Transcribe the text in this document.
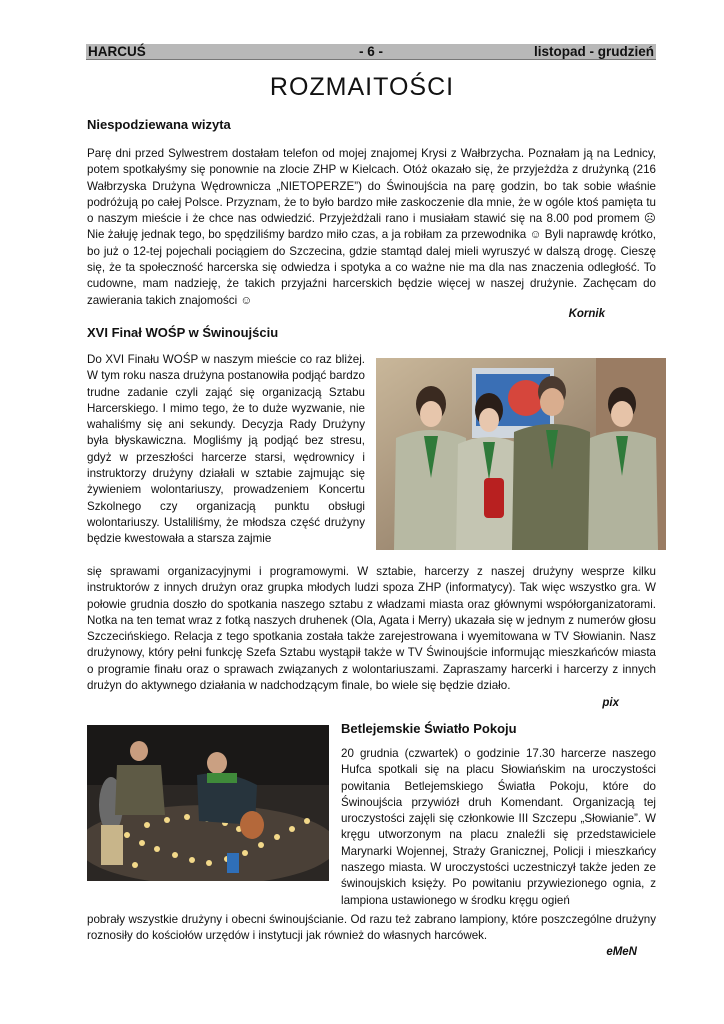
HARCUŚ	- 6 -	listopad - grudzień
ROZMAITOŚCI
Niespodziewana wizyta
Parę dni przed Sylwestrem dostałam telefon od mojej znajomej Krysi z Wałbrzycha. Poznałam ją na Lednicy, potem spotkałyśmy się ponownie na zlocie ZHP w Kielcach. Otóż okazało się, że przyjeżdża z drużynką (216 Wałbrzyska Drużyna Wędrownicza „NIETOPERZE”) do Świnoujścia na parę godzin, bo tak sobie właśnie podróżują po całej Polsce. Przyznam, że to było bardzo miłe zaskoczenie dla mnie, że w ogóle ktoś pamięta tu o naszym mieście i że chce nas odwiedzić. Przyjeżdżali rano i musiałam stawić się na 8.00 pod promem ☹ Nie żałuję jednak tego, bo spędziliśmy bardzo miło czas, a ja robiłam za przewodnika ☺ Byli naprawdę krótko, bo już o 12-tej pojechali pociągiem do Szczecina, gdzie stamtąd dalej mieli wyruszyć w dalszą drogę. Cieszę się, że ta społeczność harcerska się odwiedza i spotyka a co ważne nie ma dla nas znaczenia odległość. To cudowne, mam nadzieję, że takich przyjaźni harcerskich będzie więcej w naszej drużynie. Zachęcam do zawierania takich znajomości ☺
Kornik
XVI Finał WOŚP w Świnoujściu
Do XVI Finału WOŚP w naszym mieście co raz bliżej. W tym roku nasza drużyna postanowiła podjąć bardzo trudne zadanie czyli zająć się organizacją Sztabu Harcerskiego. I mimo tego, że to duże wyzwanie, nie wahaliśmy się ani sekundy. Decyzja Rady Drużyny była błyskawiczna. Mogliśmy ją podjąć bez stresu, gdyż w przeszłości harcerze starsi, wędrownicy i instruktorzy drużyny działali w sztabie zajmując się żywieniem wolontariuszy, prowadzeniem Koncertu Szkolnego czy organizacją punktu obsługi wolontariuszy. Ustaliliśmy, że młodsza część drużyny będzie kwestowała a starsza zajmie
się sprawami organizacyjnymi i programowymi. W sztabie, harcerzy z naszej drużyny wesprze kilku instruktorów z innych drużyn oraz grupka młodych ludzi spoza ZHP (informatycy). Tak więc wszystko gra. W połowie grudnia doszło do spotkania naszego sztabu z władzami miasta oraz głównymi współorganizatorami. Notka na ten temat wraz z fotką naszych druhenek (Ola, Agata i Merry) ukazała się w jednym z numerów głosu Szczecińskiego. Relacja z tego spotkania została także zarejestrowana i wyemitowana w TV Słowianin. Nasz drużynowy, który pełni funkcję Szefa Sztabu wystąpił także w TV Świnoujście informując mieszkańców miasta o programie finału oraz o sprawach związanych z wolontariuszami. Zapraszamy harcerki i harcerzy z innych drużyn do aktywnego działania w nadchodzącym finale, bo wiele się będzie działo.
pix
Betlejemskie Światło Pokoju
20 grudnia (czwartek) o godzinie 17.30 harcerze naszego Hufca spotkali się na placu Słowiańskim na uroczystości powitania Betlejemskiego Światła Pokoju, które do Świnoujścia przywiózł druh Komendant. Organizacją tej uroczystości zajęli się członkowie III Szczepu „Słowianie”. W kręgu utworzonym na placu znaleźli się przedstawiciele Marynarki Wojennej, Straży Granicznej, Policji i mieszkańcy naszego miasta. W uroczystości uczestniczył także jeden ze świnoujskich księży. Po powitaniu przywiezionego ognia, z lampiona ustawionego w środku kręgu ogień
pobrały wszystkie drużyny i obecni świnoujścianie. Od razu też zabrano lampiony, które poszczególne drużyny roznosiły do kościołów urzędów i instytucji jak również do własnych harcówek.
eMeN
